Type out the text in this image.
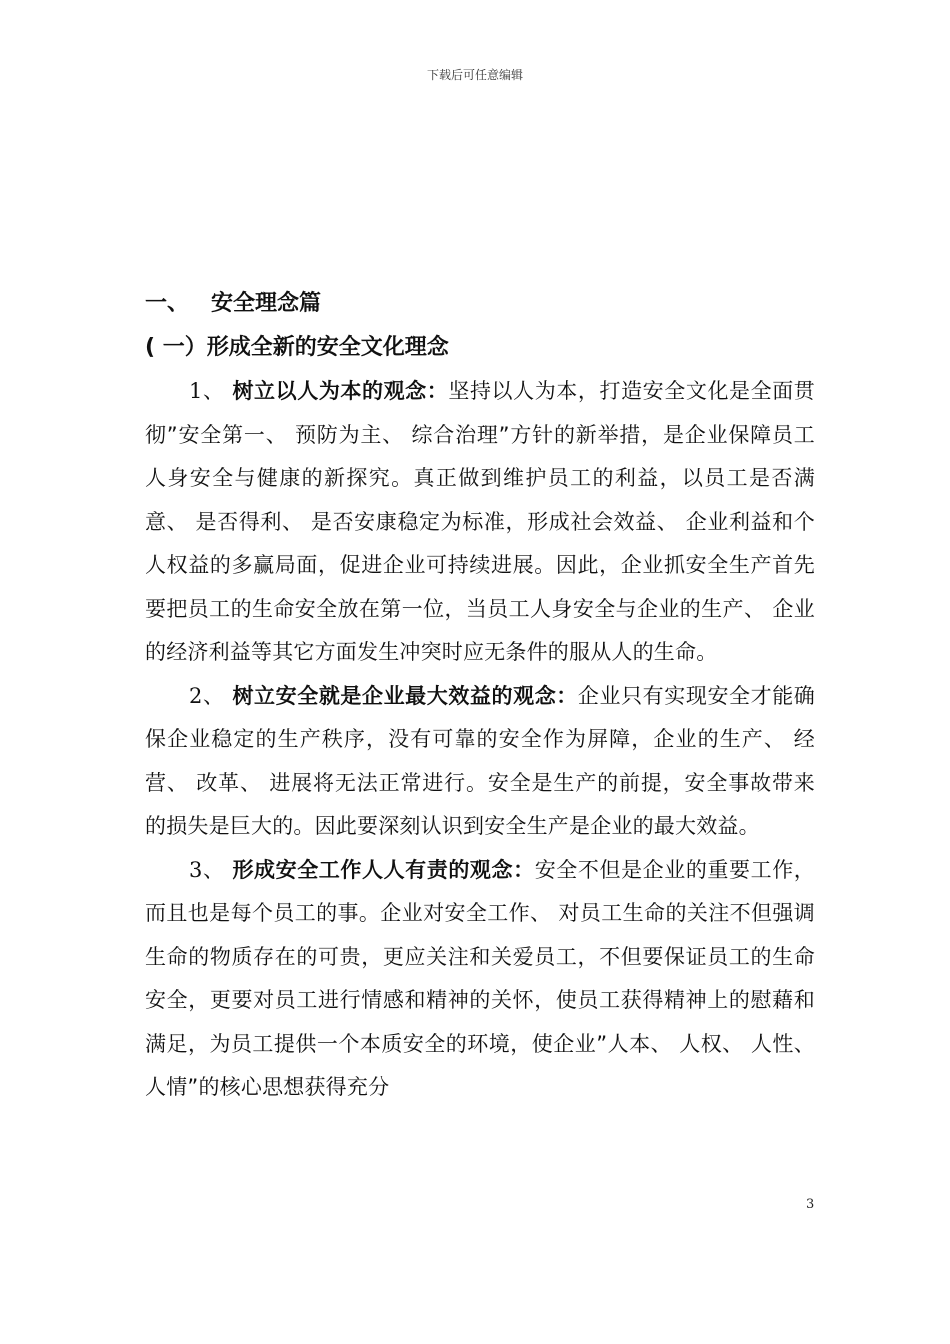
下载后可任意编辑
一、 安全理念篇
( 一）形成全新的安全文化理念

1、 树立以人为本的观念：坚持以人为本，打造安全文化是全面贯彻”安全第一、 预防为主、 综合治理”方针的新举措，是企业保障员工人身安全与健康的新探究。真正做到维护员工的利益，以员工是否满意、 是否得利、 是否安康稳定为标准，形成社会效益、 企业利益和个人权益的多赢局面，促进企业可持续进展。因此，企业抓安全生产首先要把员工的生命安全放在第一位，当员工人身安全与企业的生产、 企业的经济利益等其它方面发生冲突时应无条件的服从人的生命。

2、 树立安全就是企业最大效益的观念：企业只有实现安全才能确保企业稳定的生产秩序，没有可靠的安全作为屏障，企业的生产、 经营、 改革、 进展将无法正常进行。安全是生产的前提，安全事故带来的损失是巨大的。因此要深刻认识到安全生产是企业的最大效益。

3、 形成安全工作人人有责的观念：安全不但是企业的重要工作，而且也是每个员工的事。企业对安全工作、 对员工生命的关注不但强调生命的物质存在的可贵，更应关注和关爱员工，不但要保证员工的生命安全，更要对员工进行情感和精神的关怀，使员工获得精神上的慰藉和满足，为员工提供一个本质安全的环境，使企业”人本、 人权、 人性、 人情”的核心思想获得充分

3
